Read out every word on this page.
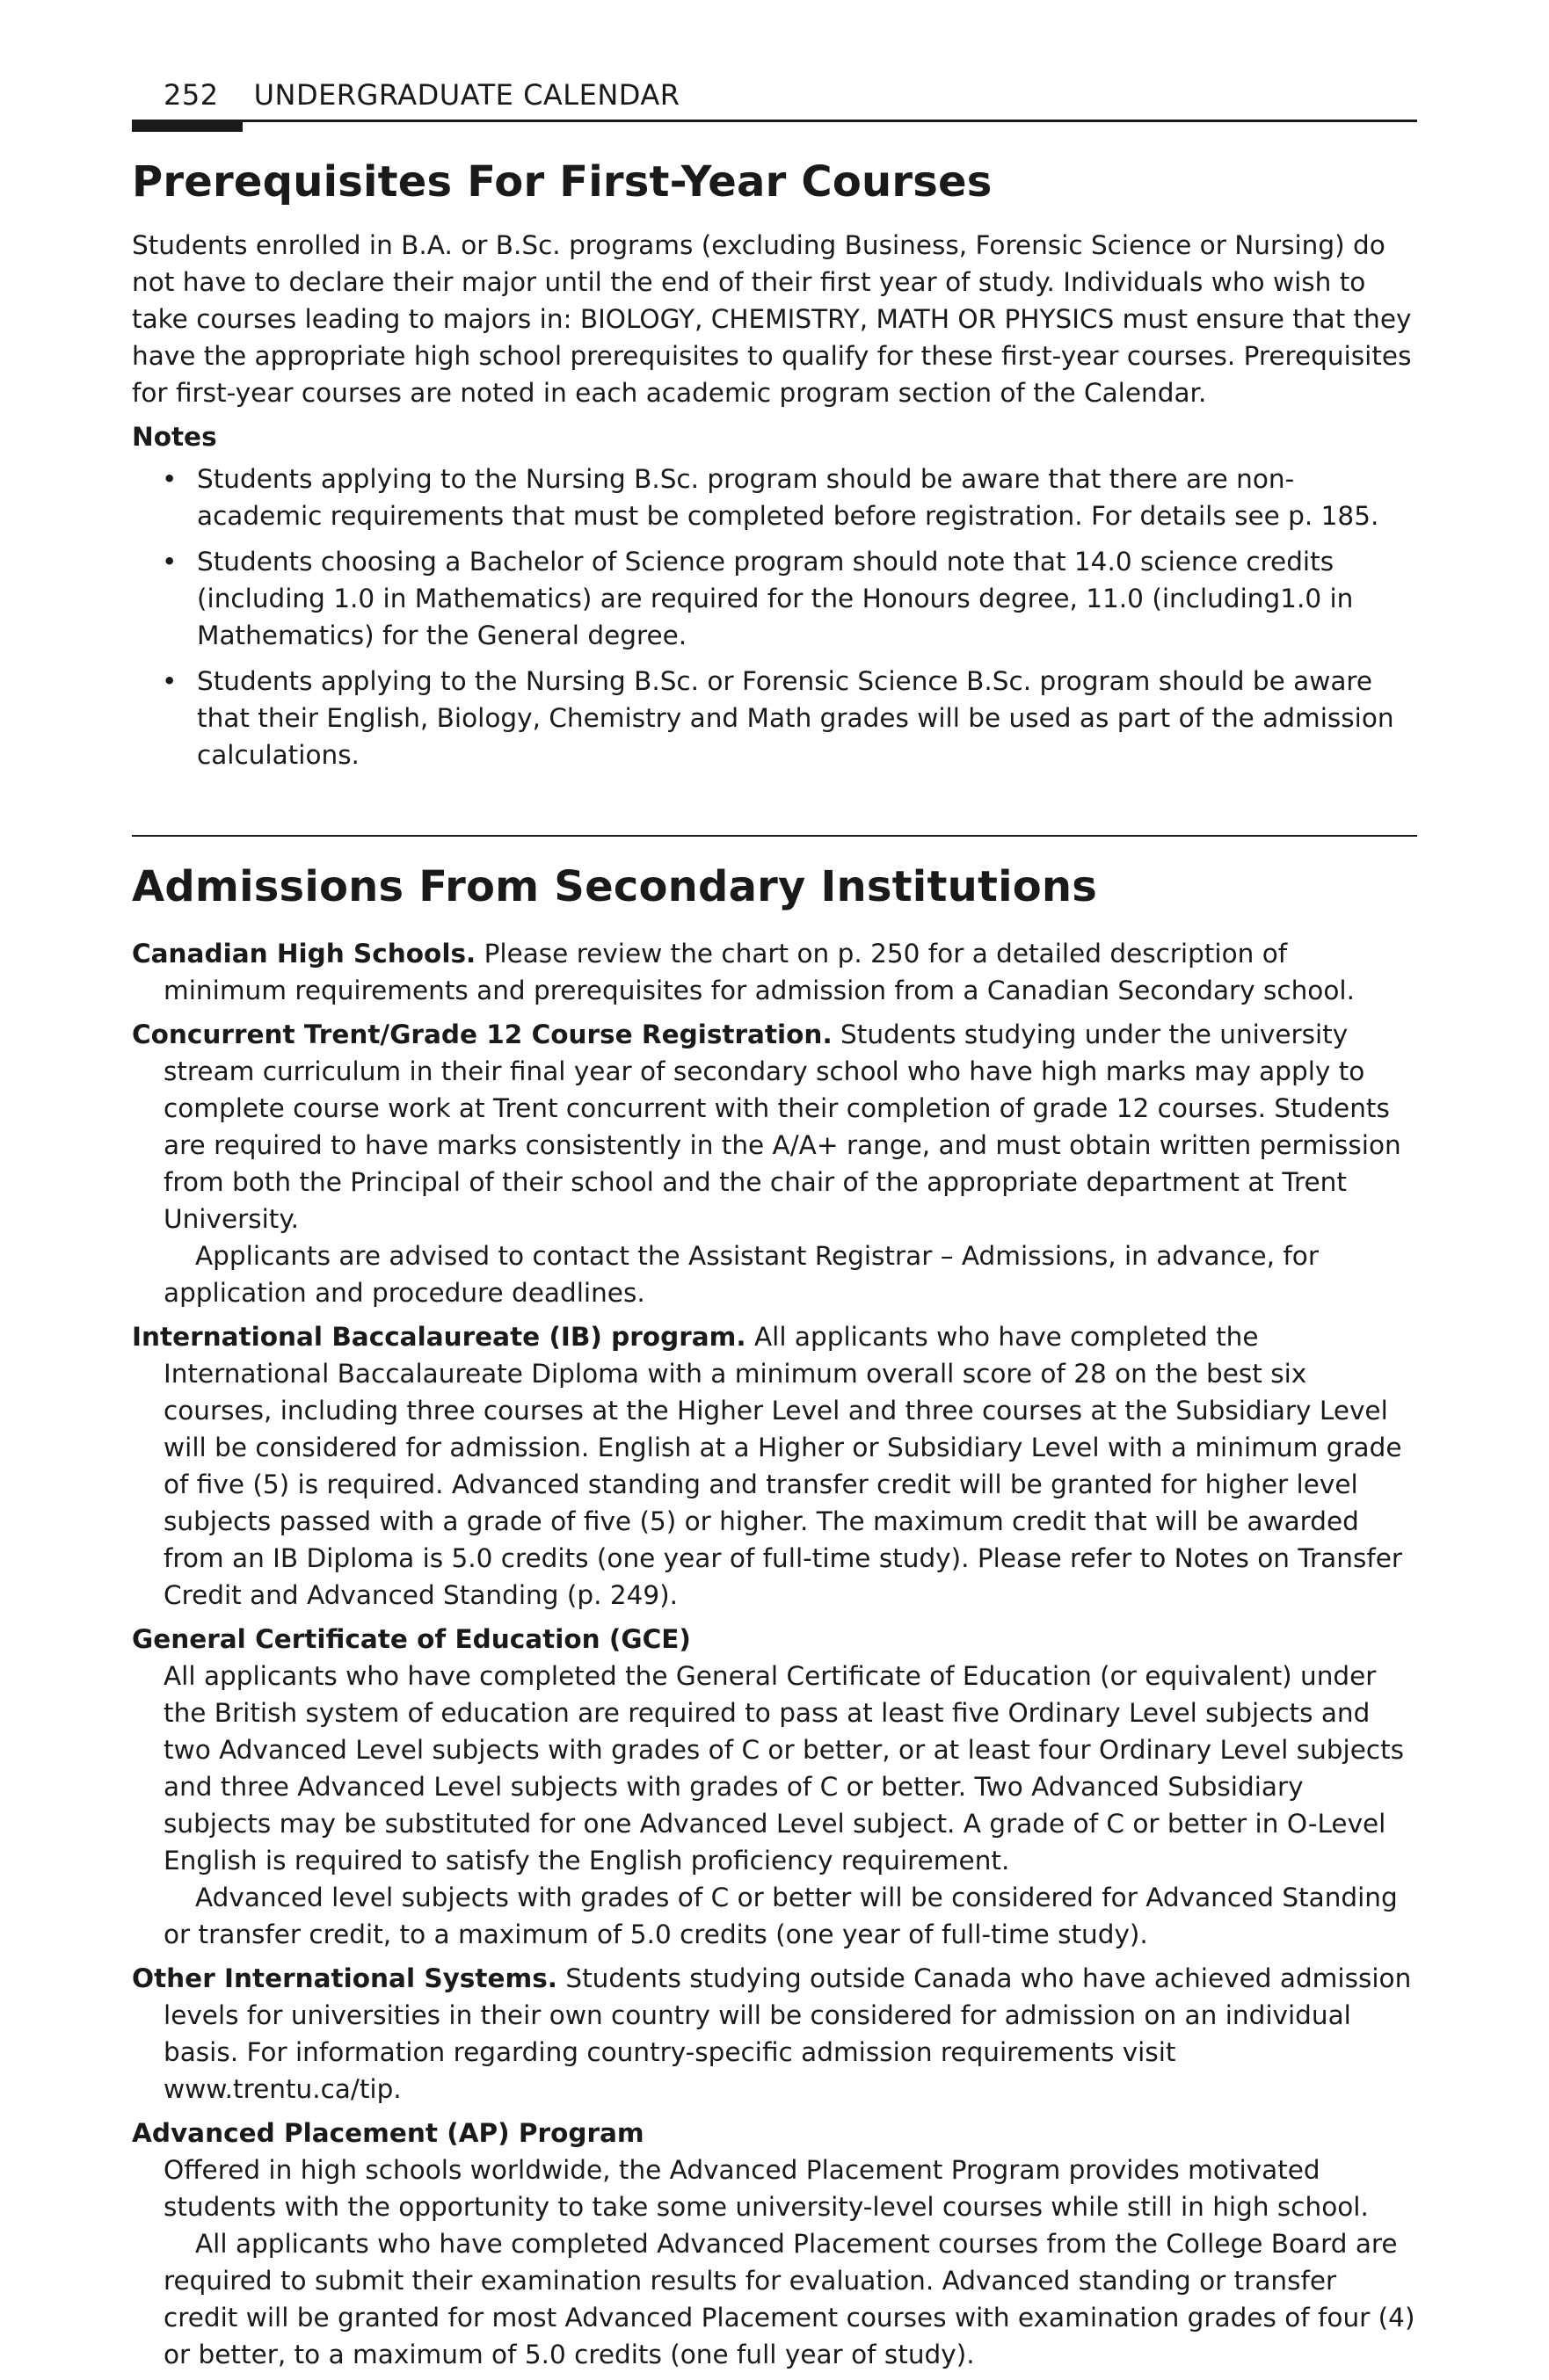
252 UNDERGRADUATE CALENDAR
Prerequisites For First-Year Courses

Students enrolled in B.A. or B.Sc. programs (excluding Business, Forensic Science or Nursing) do not have to declare their major until the end of their first year of study. Individuals who wish to take courses leading to majors in: BIOLOGY, CHEMISTRY, MATH OR PHYSICS must ensure that they have the appropriate high school prerequisites to qualify for these first-year courses. Prerequisites for first-year courses are noted in each academic program section of the Calendar.

Notes

• Students applying to the Nursing B.Sc. program should be aware that there are non-academic requirements that must be completed before registration. For details see p. 185.
• Students choosing a Bachelor of Science program should note that 14.0 science credits (including 1.0 in Mathematics) are required for the Honours degree, 11.0 (including1.0 in Mathematics) for the General degree.
• Students applying to the Nursing B.Sc. or Forensic Science B.Sc. program should be aware that their English, Biology, Chemistry and Math grades will be used as part of the admission calculations.
Admissions From Secondary Institutions

Canadian High Schools. Please review the chart on p. 250 for a detailed description of minimum requirements and prerequisites for admission from a Canadian Secondary school.

Concurrent Trent/Grade 12 Course Registration. Students studying under the university stream curriculum in their final year of secondary school who have high marks may apply to complete course work at Trent concurrent with their completion of grade 12 courses. Students are required to have marks consistently in the A/A+ range, and must obtain written permission from both the Principal of their school and the chair of the appropriate department at Trent University.

Applicants are advised to contact the Assistant Registrar – Admissions, in advance, for application and procedure deadlines.

International Baccalaureate (IB) program. All applicants who have completed the International Baccalaureate Diploma with a minimum overall score of 28 on the best six courses, including three courses at the Higher Level and three courses at the Subsidiary Level will be considered for admission. English at a Higher or Subsidiary Level with a minimum grade of five (5) is required. Advanced standing and transfer credit will be granted for higher level subjects passed with a grade of five (5) or higher. The maximum credit that will be awarded from an IB Diploma is 5.0 credits (one year of full-time study). Please refer to Notes on Transfer Credit and Advanced Standing (p. 249).

General Certificate of Education (GCE)

All applicants who have completed the General Certificate of Education (or equivalent) under the British system of education are required to pass at least five Ordinary Level subjects and two Advanced Level subjects with grades of C or better, or at least four Ordinary Level subjects and three Advanced Level subjects with grades of C or better. Two Advanced Subsidiary subjects may be substituted for one Advanced Level subject. A grade of C or better in O-Level English is required to satisfy the English proficiency requirement.

Advanced level subjects with grades of C or better will be considered for Advanced Standing or transfer credit, to a maximum of 5.0 credits (one year of full-time study).

Other International Systems. Students studying outside Canada who have achieved admission levels for universities in their own country will be considered for admission on an individual basis. For information regarding country-specific admission requirements visit www.trentu.ca/tip.

Advanced Placement (AP) Program

Offered in high schools worldwide, the Advanced Placement Program provides motivated students with the opportunity to take some university-level courses while still in high school.

All applicants who have completed Advanced Placement courses from the College Board are required to submit their examination results for evaluation. Advanced standing or transfer credit will be granted for most Advanced Placement courses with examination grades of four (4) or better, to a maximum of 5.0 credits (one full year of study).
